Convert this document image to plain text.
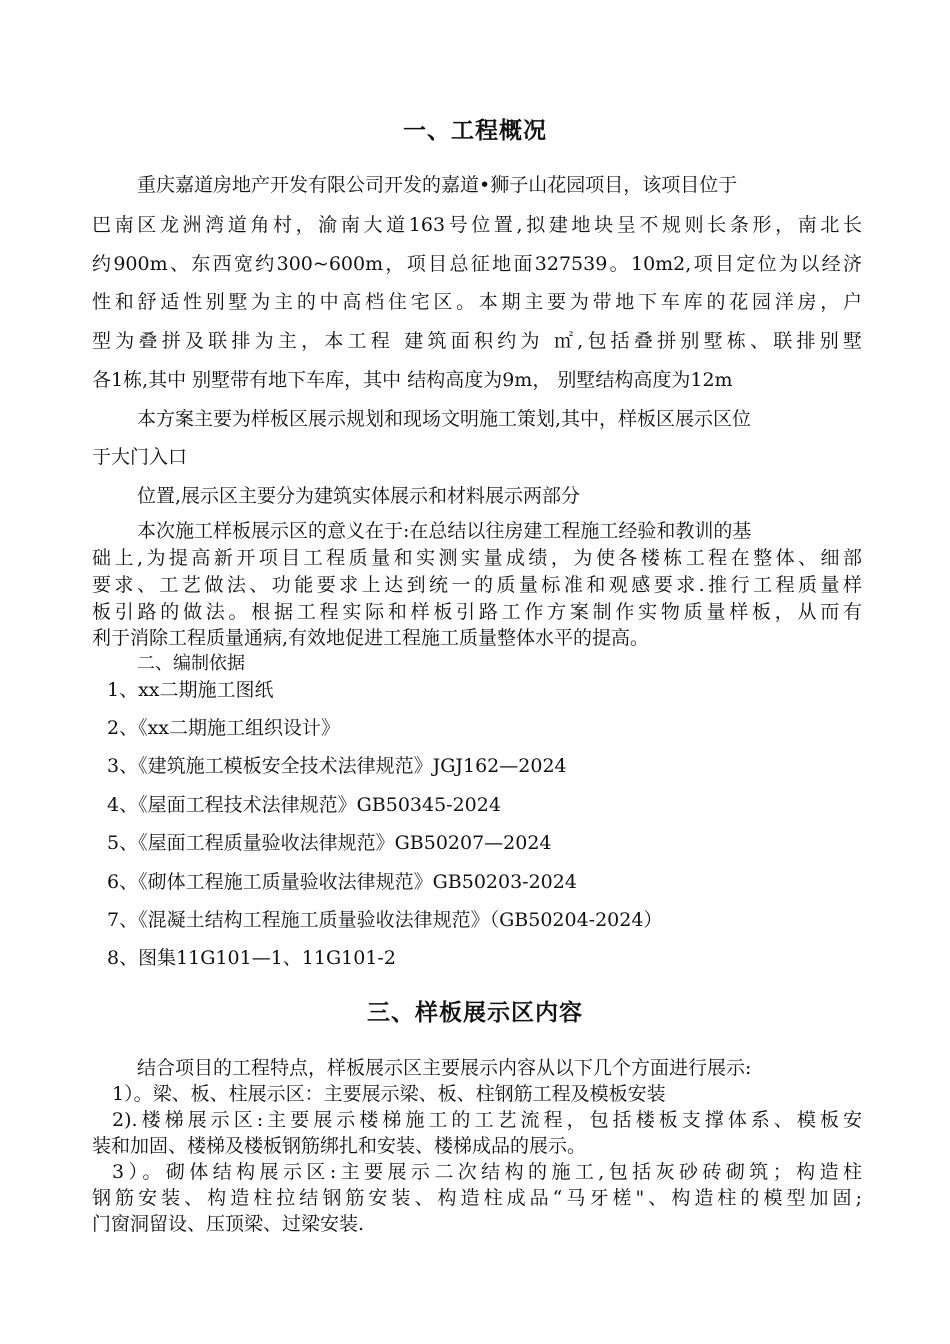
一、工程概况
重庆嘉道房地产开发有限公司开发的嘉道•狮子山花园项目，该项目位于
巴南区龙洲湾道角村，渝南大道163号位置,拟建地块呈不规则长条形，南北长
约900m、东西宽约300~600m，项目总征地面327539。10m2,项目定位为以经济
性和舒适性别墅为主的中高档住宅区。本期主要为带地下车库的花园洋房，户
型为叠拼及联排为主，本工程 建筑面积约为 ㎡,包括叠拼别墅栋、联排别墅
各1栋,其中 别墅带有地下车库，其中 结构高度为9m， 别墅结构高度为12m
本方案主要为样板区展示规划和现场文明施工策划,其中，样板区展示区位
于大门入口
位置,展示区主要分为建筑实体展示和材料展示两部分
本次施工样板展示区的意义在于:在总结以往房建工程施工经验和教训的基
础上,为提高新开项目工程质量和实测实量成绩，为使各楼栋工程在整体、细部
要求、工艺做法、功能要求上达到统一的质量标准和观感要求.推行工程质量样
板引路的做法。根据工程实际和样板引路工作方案制作实物质量样板，从而有
利于消除工程质量通病,有效地促进工程施工质量整体水平的提高。
二、编制依据
1、xx二期施工图纸
2、《xx二期施工组织设计》
3、《建筑施工模板安全技术法律规范》JGJ162—2024
4、《屋面工程技术法律规范》GB50345-2024
5、《屋面工程质量验收法律规范》GB50207—2024
6、《砌体工程施工质量验收法律规范》GB50203-2024
7、《混凝土结构工程施工质量验收法律规范》（GB50204-2024）
8、图集11G101—1、11G101-2
三、样板展示区内容
结合项目的工程特点，样板展示区主要展示内容从以下几个方面进行展示:
1）。梁、板、柱展示区：主要展示梁、板、柱钢筋工程及模板安装
2).楼梯展示区:主要展示楼梯施工的工艺流程，包括楼板支撑体系、模板安
装和加固、楼梯及楼板钢筋绑扎和安装、楼梯成品的展示。
3）。砌体结构展示区:主要展示二次结构的施工,包括灰砂砖砌筑；构造柱
钢筋安装、构造柱拉结钢筋安装、构造柱成品“马牙槎"、构造柱的模型加固;
门窗洞留设、压顶梁、过梁安装.
